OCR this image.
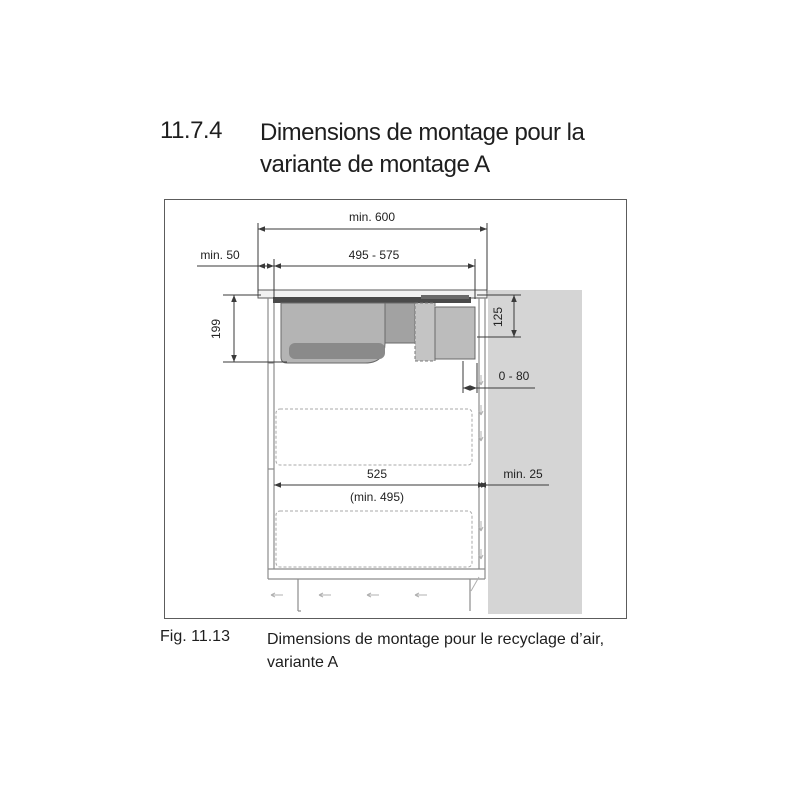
11.7.4 Dimensions de montage pour la
variante de montage A
min. 600
495 - 575
min. 50
199
125
0 - 80
525
(min. 495)
min. 25
Fig. 11.13 Dimensions de montage pour le recyclage d’air,
variante A
